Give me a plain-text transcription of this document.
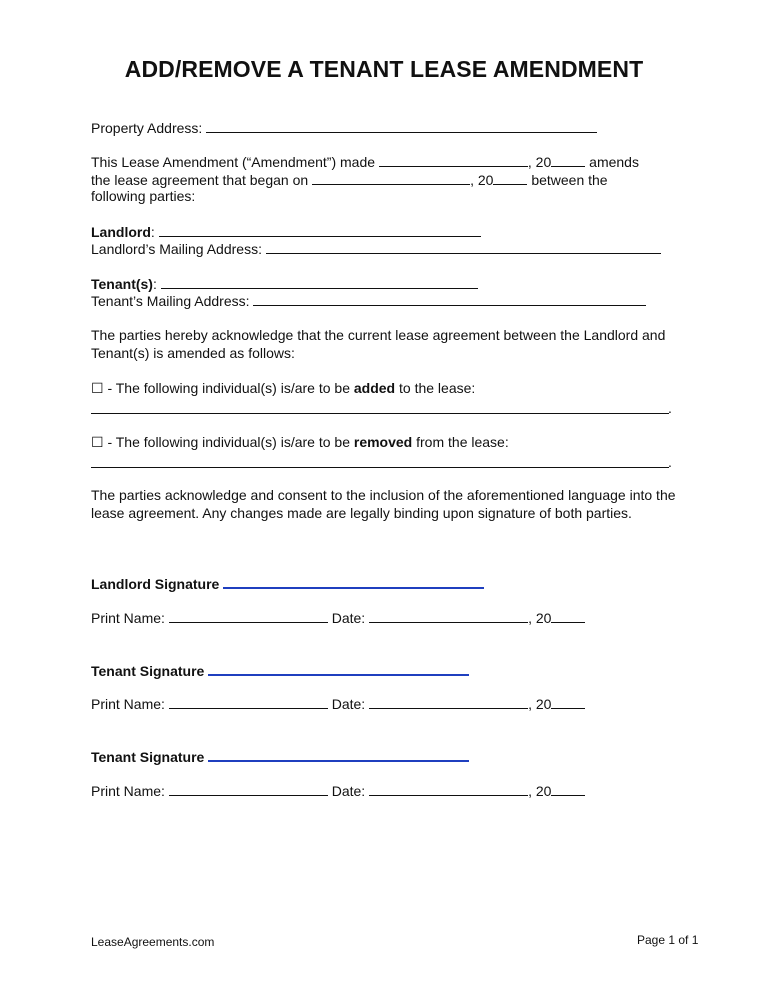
ADD/REMOVE A TENANT LEASE AMENDMENT
Property Address:
This Lease Amendment (“Amendment”) made	, 20	amends
the lease agreement that began on	, 20	between the
following parties:
Landlord:
Landlord’s Mailing Address:
Tenant(s):
Tenant’s Mailing Address:
The parties hereby acknowledge that the current lease agreement between the Landlord and Tenant(s) is amended as follows:
☐ - The following individual(s) is/are to be added to the lease:
.
☐ - The following individual(s) is/are to be removed from the lease:
.
The parties acknowledge and consent to the inclusion of the aforementioned language into the lease agreement. Any changes made are legally binding upon signature of both parties.
Landlord Signature
Print Name:	Date:	, 20
Tenant Signature
Print Name:	Date:	, 20
Tenant Signature
Print Name:	Date:	, 20
LeaseAgreements.com	Page 1 of 1
